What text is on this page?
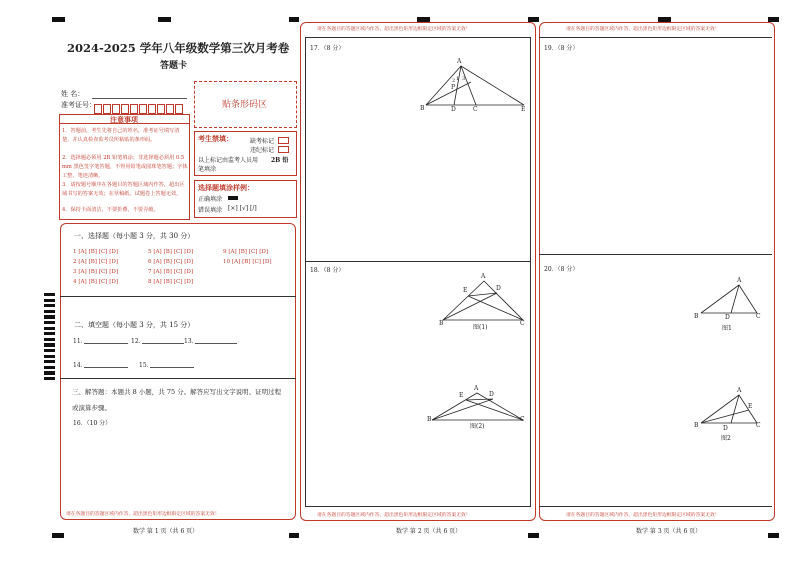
2024-2025 学年八年级数学第三次月考卷
答题卡
姓 名：
准考证号：	贴条形码区
注意事项
1．答题前，考生先将自己的姓名，准考证号填写清楚，并认真检查监考员所粘贴的条形码。
2．选择题必须用 2B 铅笔填涂；非选择题必须用 0.5 mm 黑色签字笔答题，不得用铅笔或圆珠笔答题；字体工整、笔迹清晰。
3．请按题号顺序在各题目的答题区域内作答，超出区域书写的答案无效；在草稿纸、试题卷上答题无效。
4．保持卡面清洁，不要折叠、不要弄破。
考生禁填：	缺考标记
违纪标记
以上标记由监考人员用 2B 铅
笔填涂
选择题填涂样例：
正确填涂
错误填涂 [×] [√] [/]
一、选择题（每小题 3 分，共 30 分）
1 [A] [B] [C] [D]	5 [A] [B] [C] [D]	9 [A] [B] [C] [D]
2 [A] [B] [C] [D]	6 [A] [B] [C] [D]	10 [A] [B] [C] [D]
3 [A] [B] [C] [D]	7 [A] [B] [C] [D]
4 [A] [B] [C] [D]	8 [A] [B] [C] [D]
二、填空题（每小题 3 分，共 15 分）
11．	12．	13．
14．	15．
三、解答题：本题共 8 小题，共 75 分。解答应写出文字说明、证明过程
或演算步骤。
16．（10 分）
请在各题目的答题区域内作答，超出黑色矩形边框限定区域的答案无效！
请在各题目的答题区域内作答，超出黑色矩形边框限定区域的答案无效！
17．（8 分）
18．（8 分）
请在各题目的答题区域内作答，超出黑色矩形边框限定区域的答案无效！
A
B	D	C	E
P
1
2 3
A
E	D
B	C
图(1)
A
E	D
B	C
图(2)
请在各题目的答题区域内作答，超出黑色矩形边框限定区域的答案无效！
19．（8 分）
20．（8 分）
请在各题目的答题区域内作答，超出黑色矩形边框限定区域的答案无效！
A
B	D	C
图1
A
E
B	D	C
图2
数学 第 1 页（共 6 页）	数学 第 2 页（共 6 页）	数学 第 3 页（共 6 页）
